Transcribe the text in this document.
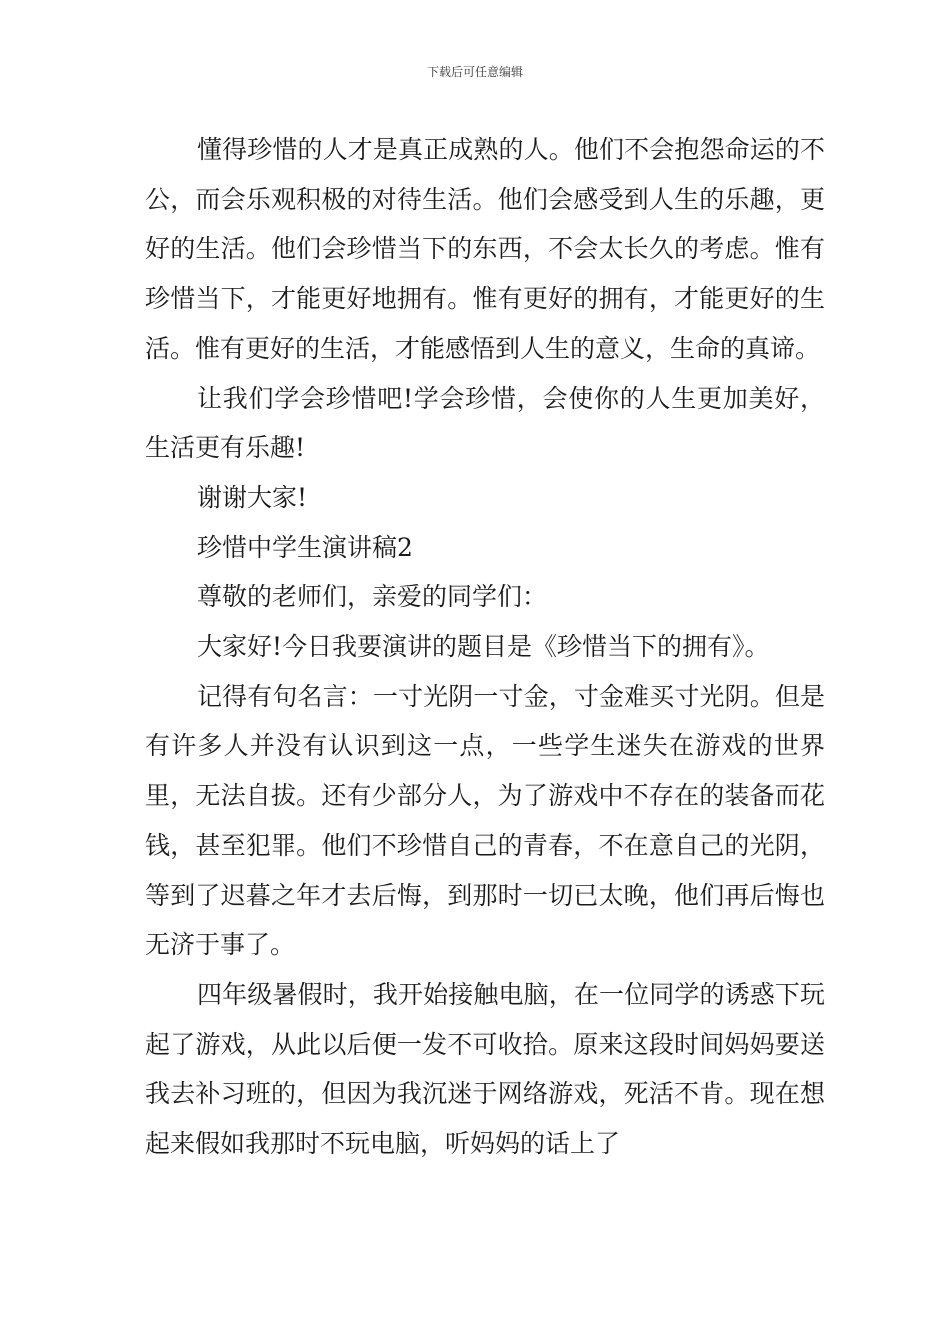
下载后可任意编辑

懂得珍惜的人才是真正成熟的人。他们不会抱怨命运的不公，而会乐观积极的对待生活。他们会感受到人生的乐趣，更好的生活。他们会珍惜当下的东西，不会太长久的考虑。惟有珍惜当下，才能更好地拥有。惟有更好的拥有，才能更好的生活。惟有更好的生活，才能感悟到人生的意义，生命的真谛。

让我们学会珍惜吧!学会珍惜，会使你的人生更加美好，生活更有乐趣!

谢谢大家!

珍惜中学生演讲稿2

尊敬的老师们，亲爱的同学们：

大家好!今日我要演讲的题目是《珍惜当下的拥有》。

记得有句名言：一寸光阴一寸金，寸金难买寸光阴。但是有许多人并没有认识到这一点，一些学生迷失在游戏的世界里，无法自拔。还有少部分人，为了游戏中不存在的装备而花钱，甚至犯罪。他们不珍惜自己的青春，不在意自己的光阴，等到了迟暮之年才去后悔，到那时一切已太晚，他们再后悔也无济于事了。

四年级暑假时，我开始接触电脑，在一位同学的诱惑下玩起了游戏，从此以后便一发不可收拾。原来这段时间妈妈要送我去补习班的，但因为我沉迷于网络游戏，死活不肯。现在想起来假如我那时不玩电脑，听妈妈的话上了
